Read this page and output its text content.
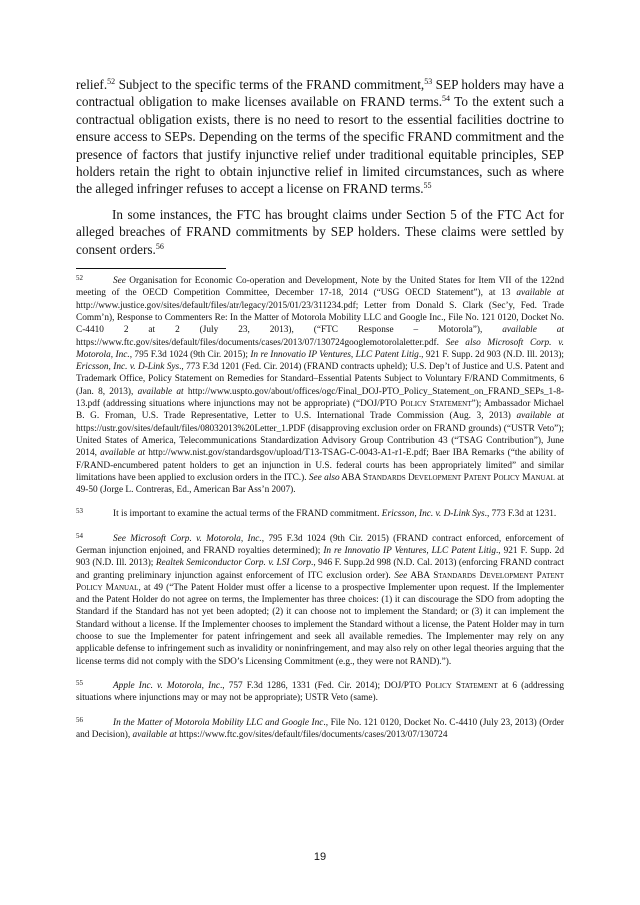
relief.$^{52}$ Subject to the specific terms of the FRAND commitment,$^{53}$ SEP holders may have a contractual obligation to make licenses available on FRAND terms.$^{54}$ To the extent such a contractual obligation exists, there is no need to resort to the essential facilities doctrine to ensure access to SEPs. Depending on the terms of the specific FRAND commitment and the presence of factors that justify injunctive relief under traditional equitable principles, SEP holders retain the right to obtain injunctive relief in limited circumstances, such as where the alleged infringer refuses to accept a license on FRAND terms.$^{55}$

In some instances, the FTC has brought claims under Section 5 of the FTC Act for alleged breaches of FRAND commitments by SEP holders. These claims were settled by consent orders.$^{56}$

$^{52}$	See Organisation for Economic Co-operation and Development, Note by the United States for Item VII of the 122nd meeting of the OECD Competition Committee, December 17-18, 2014 (“USG OECD Statement”), at 13 available at http://www.justice.gov/sites/default/files/atr/legacy/2015/01/23/311234.pdf; Letter from Donald S. Clark (Sec’y, Fed. Trade Comm’n), Response to Commenters Re: In the Matter of Motorola Mobility LLC and Google Inc., File No. 121 0120, Docket No. C-4410 2 at 2 (July 23, 2013), (“FTC Response – Motorola”), available at https://www.ftc.gov/sites/default/files/documents/cases/2013/07/130724googlemotorolaletter.pdf. See also Microsoft Corp. v. Motorola, Inc., 795 F.3d 1024 (9th Cir. 2015); In re Innovatio IP Ventures, LLC Patent Litig., 921 F. Supp. 2d 903 (N.D. Ill. 2013); Ericsson, Inc. v. D-Link Sys., 773 F.3d 1201 (Fed. Cir. 2014) (FRAND contracts upheld); U.S. Dep’t of Justice and U.S. Patent and Trademark Office, Policy Statement on Remedies for Standard–Essential Patents Subject to Voluntary F/RAND Commitments, 6 (Jan. 8, 2013), available at http://www.uspto.gov/about/offices/ogc/Final_DOJ-PTO_Policy_Statement_on_FRAND_SEPs_1-8-13.pdf (addressing situations where injunctions may not be appropriate) (“DOJ/PTO Policy Statement”); Ambassador Michael B. G. Froman, U.S. Trade Representative, Letter to U.S. International Trade Commission (Aug. 3, 2013) available at https://ustr.gov/sites/default/files/08032013%20Letter_1.PDF (disapproving exclusion order on FRAND grounds) (“USTR Veto”); United States of America, Telecommunications Standardization Advisory Group Contribution 43 (“TSAG Contribution”), June 2014, available at http://www.nist.gov/standardsgov/upload/T13-TSAG-C-0043-A1-r1-E.pdf; Baer IBA Remarks (“the ability of F/RAND-encumbered patent holders to get an injunction in U.S. federal courts has been appropriately limited” and similar limitations have been applied to exclusion orders in the ITC.). See also ABA Standards Development Patent Policy Manual at 49-50 (Jorge L. Contreras, Ed., American Bar Ass’n 2007).

$^{53}$	It is important to examine the actual terms of the FRAND commitment. Ericsson, Inc. v. D-Link Sys., 773 F.3d at 1231.

$^{54}$	See Microsoft Corp. v. Motorola, Inc., 795 F.3d 1024 (9th Cir. 2015) (FRAND contract enforced, enforcement of German injunction enjoined, and FRAND royalties determined); In re Innovatio IP Ventures, LLC Patent Litig., 921 F. Supp. 2d 903 (N.D. Ill. 2013); Realtek Semiconductor Corp. v. LSI Corp., 946 F. Supp.2d 998 (N.D. Cal. 2013) (enforcing FRAND contract and granting preliminary injunction against enforcement of ITC exclusion order). See ABA Standards Development Patent Policy Manual, at 49 (“The Patent Holder must offer a license to a prospective Implementer upon request. If the Implementer and the Patent Holder do not agree on terms, the Implementer has three choices: (1) it can discourage the SDO from adopting the Standard if the Standard has not yet been adopted; (2) it can choose not to implement the Standard; or (3) it can implement the Standard without a license. If the Implementer chooses to implement the Standard without a license, the Patent Holder may in turn choose to sue the Implementer for patent infringement and seek all available remedies. The Implementer may rely on any applicable defense to infringement such as invalidity or noninfringement, and may also rely on other legal theories arguing that the license terms did not comply with the SDO’s Licensing Commitment (e.g., they were not RAND).”).

$^{55}$	Apple Inc. v. Motorola, Inc., 757 F.3d 1286, 1331 (Fed. Cir. 2014); DOJ/PTO Policy Statement at 6 (addressing situations where injunctions may or may not be appropriate); USTR Veto (same).

$^{56}$	In the Matter of Motorola Mobility LLC and Google Inc., File No. 121 0120, Docket No. C-4410 (July 23, 2013) (Order and Decision), available at https://www.ftc.gov/sites/default/files/documents/cases/2013/07/130724

19
